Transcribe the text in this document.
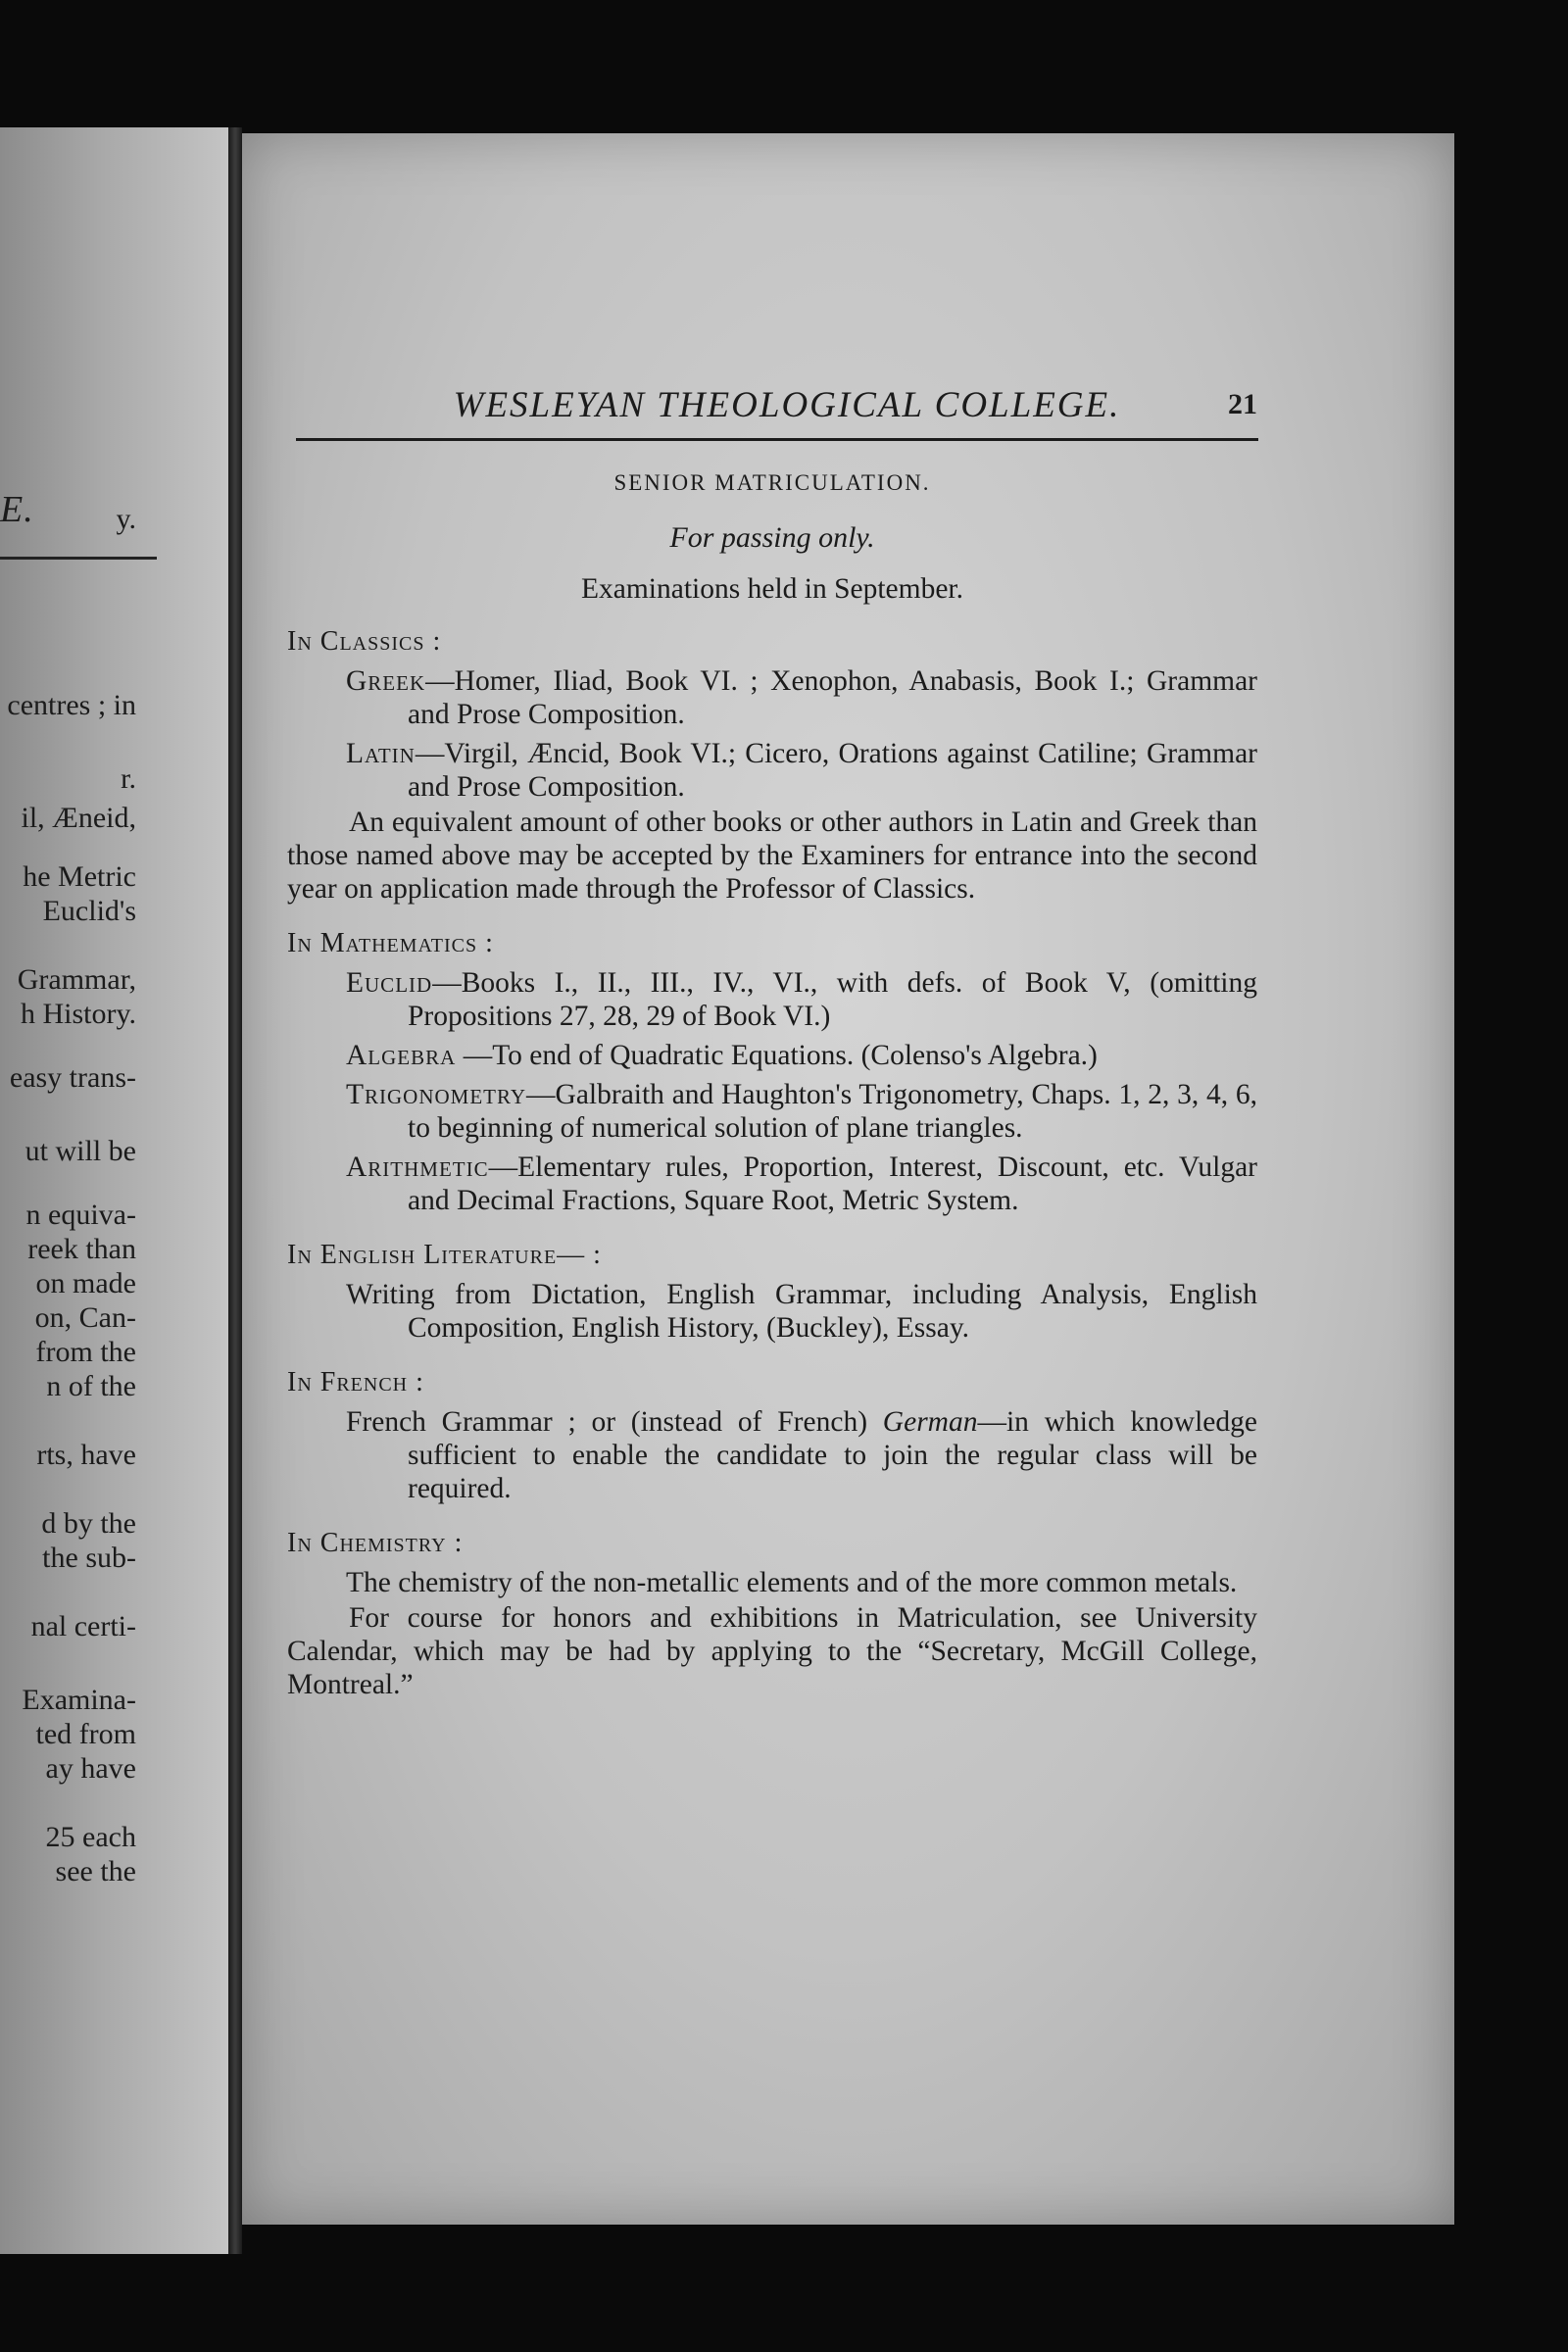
E.	y.
centres ; in
r.
il, Æneid,
he Metric
Euclid's
Grammar,
h History.
easy trans-
ut will be
n equiva-
reek than
on made
on, Can-
from the
n of the
rts, have
d by the
the sub-
nal certi-
Examina-
ted from
ay have
25 each
see the
WESLEYAN THEOLOGICAL COLLEGE.	21
SENIOR MATRICULATION.
For passing only.
Examinations held in September.
In Classics :
Greek—Homer, Iliad, Book VI. ; Xenophon, Anabasis, Book I.; Grammar and Prose Composition.
Latin—Virgil, Æncid, Book VI.; Cicero, Orations against Catiline; Grammar and Prose Composition.
An equivalent amount of other books or other authors in Latin and Greek than those named above may be accepted by the Examiners for entrance into the second year on application made through the Professor of Classics.
In Mathematics :
Euclid—Books I., II., III., IV., VI., with defs. of Book V, (omitting Propositions 27, 28, 29 of Book VI.)
Algebra —To end of Quadratic Equations. (Colenso's Algebra.)
Trigonometry—Galbraith and Haughton's Trigonometry, Chaps. 1, 2, 3, 4, 6, to beginning of numerical solution of plane triangles.
Arithmetic—Elementary rules, Proportion, Interest, Discount, etc. Vulgar and Decimal Fractions, Square Root, Metric System.
In English Literature— :
Writing from Dictation, English Grammar, including Analysis, English Composition, English History, (Buckley), Essay.
In French :
French Grammar ; or (instead of French) German—in which knowledge sufficient to enable the candidate to join the regular class will be required.
In Chemistry :
The chemistry of the non-metallic elements and of the more common metals.
For course for honors and exhibitions in Matriculation, see University Calendar, which may be had by applying to the “Secretary, McGill College, Montreal.”
